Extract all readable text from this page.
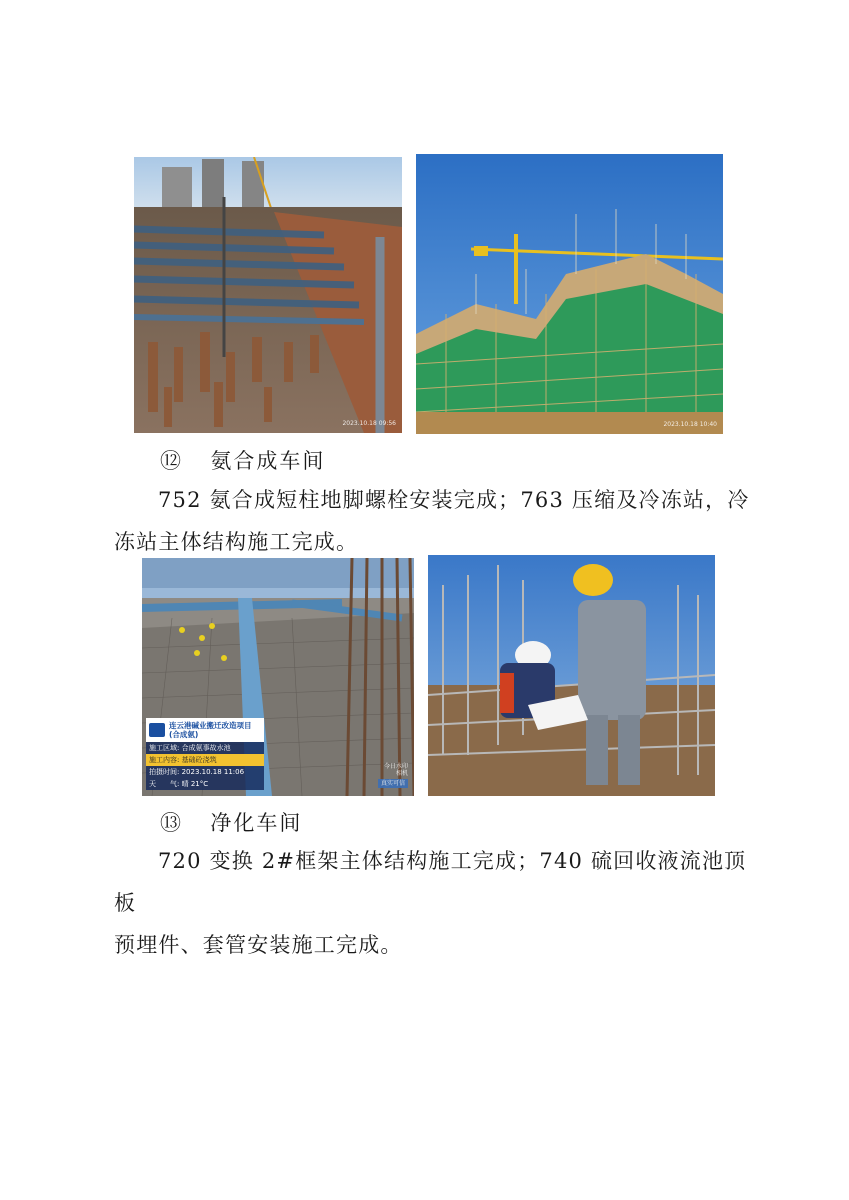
2023.10.18 09:56	2023.10.18 10:40
⑫ 氨合成车间
752 氨合成短柱地脚螺栓安装完成；763 压缩及冷冻站，冷
冻站主体结构施工完成。
连云港碱业搬迁改造项目(合成氨)
施工区域: 合成氨事故水池
施工内容: 基础砼浇筑
拍摄时间: 2023.10.18 11:06
天　　气: 晴 21°C
今日水印
相机
真实可信
⑬ 净化车间
720 变换 2#框架主体结构施工完成；740 硫回收液流池顶板
预埋件、套管安装施工完成。
